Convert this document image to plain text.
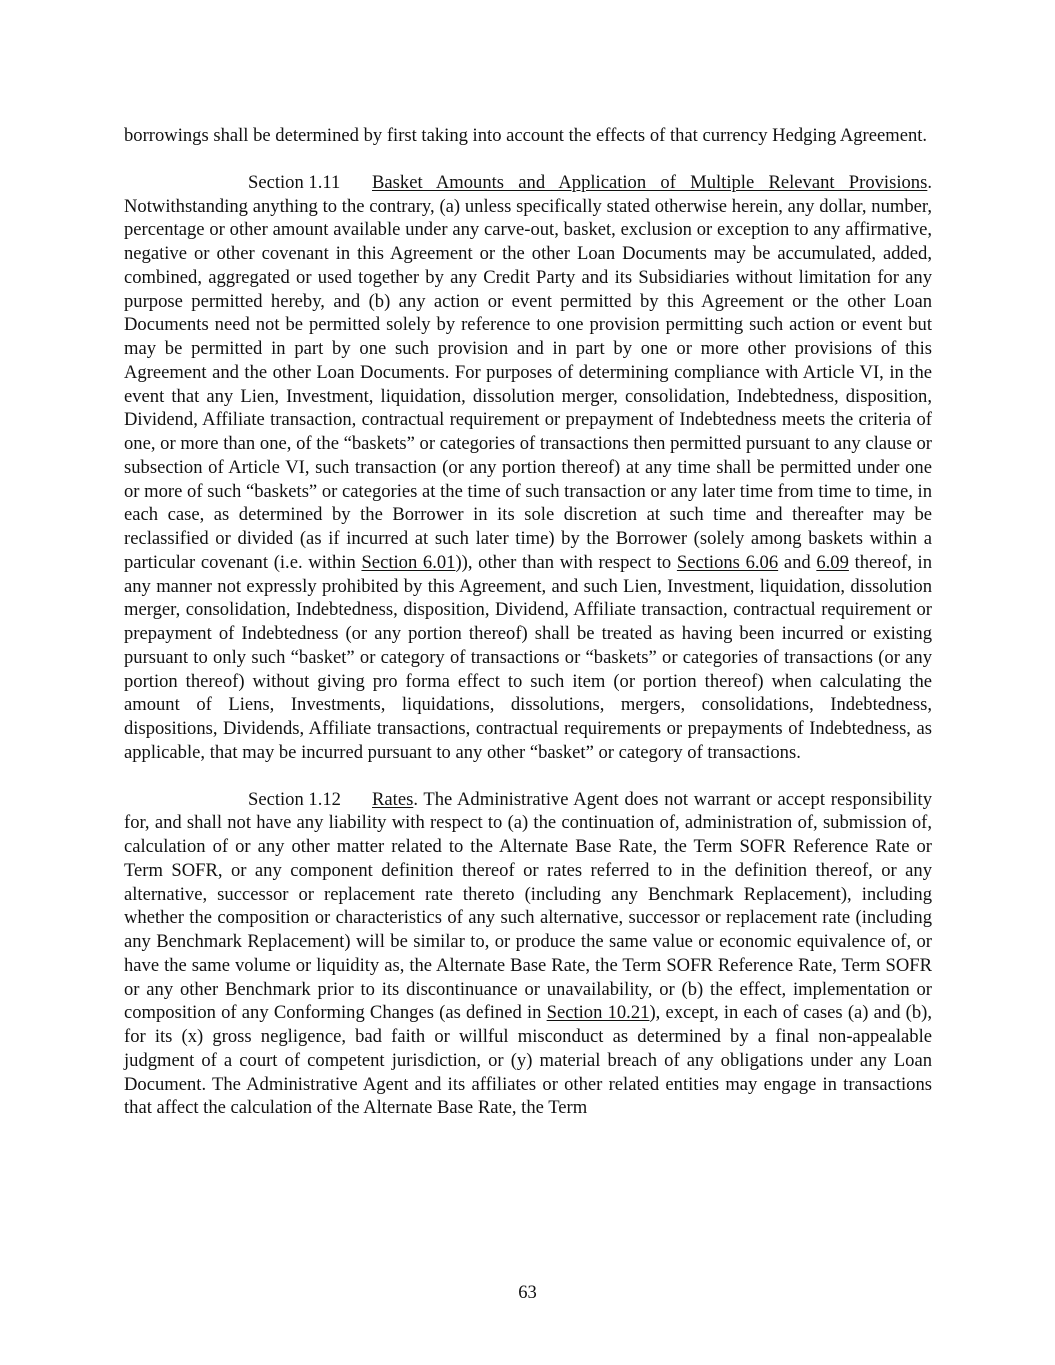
borrowings shall be determined by first taking into account the effects of that currency Hedging Agreement.

Section 1.11 Basket Amounts and Application of Multiple Relevant Provisions. Notwithstanding anything to the contrary, (a) unless specifically stated otherwise herein, any dollar, number, percentage or other amount available under any carve-out, basket, exclusion or exception to any affirmative, negative or other covenant in this Agreement or the other Loan Documents may be accumulated, added, combined, aggregated or used together by any Credit Party and its Subsidiaries without limitation for any purpose permitted hereby, and (b) any action or event permitted by this Agreement or the other Loan Documents need not be permitted solely by reference to one provision permitting such action or event but may be permitted in part by one such provision and in part by one or more other provisions of this Agreement and the other Loan Documents. For purposes of determining compliance with Article VI, in the event that any Lien, Investment, liquidation, dissolution merger, consolidation, Indebtedness, disposition, Dividend, Affiliate transaction, contractual requirement or prepayment of Indebtedness meets the criteria of one, or more than one, of the “baskets” or categories of transactions then permitted pursuant to any clause or subsection of Article VI, such transaction (or any portion thereof) at any time shall be permitted under one or more of such “baskets” or categories at the time of such transaction or any later time from time to time, in each case, as determined by the Borrower in its sole discretion at such time and thereafter may be reclassified or divided (as if incurred at such later time) by the Borrower (solely among baskets within a particular covenant (i.e. within Section 6.01)), other than with respect to Sections 6.06 and 6.09 thereof, in any manner not expressly prohibited by this Agreement, and such Lien, Investment, liquidation, dissolution merger, consolidation, Indebtedness, disposition, Dividend, Affiliate transaction, contractual requirement or prepayment of Indebtedness (or any portion thereof) shall be treated as having been incurred or existing pursuant to only such “basket” or category of transactions or “baskets” or categories of transactions (or any portion thereof) without giving pro forma effect to such item (or portion thereof) when calculating the amount of Liens, Investments, liquidations, dissolutions, mergers, consolidations, Indebtedness, dispositions, Dividends, Affiliate transactions, contractual requirements or prepayments of Indebtedness, as applicable, that may be incurred pursuant to any other “basket” or category of transactions.

Section 1.12 Rates. The Administrative Agent does not warrant or accept responsibility for, and shall not have any liability with respect to (a) the continuation of, administration of, submission of, calculation of or any other matter related to the Alternate Base Rate, the Term SOFR Reference Rate or Term SOFR, or any component definition thereof or rates referred to in the definition thereof, or any alternative, successor or replacement rate thereto (including any Benchmark Replacement), including whether the composition or characteristics of any such alternative, successor or replacement rate (including any Benchmark Replacement) will be similar to, or produce the same value or economic equivalence of, or have the same volume or liquidity as, the Alternate Base Rate, the Term SOFR Reference Rate, Term SOFR or any other Benchmark prior to its discontinuance or unavailability, or (b) the effect, implementation or composition of any Conforming Changes (as defined in Section 10.21), except, in each of cases (a) and (b), for its (x) gross negligence, bad faith or willful misconduct as determined by a final non-appealable judgment of a court of competent jurisdiction, or (y) material breach of any obligations under any Loan Document. The Administrative Agent and its affiliates or other related entities may engage in transactions that affect the calculation of the Alternate Base Rate, the Term

63
